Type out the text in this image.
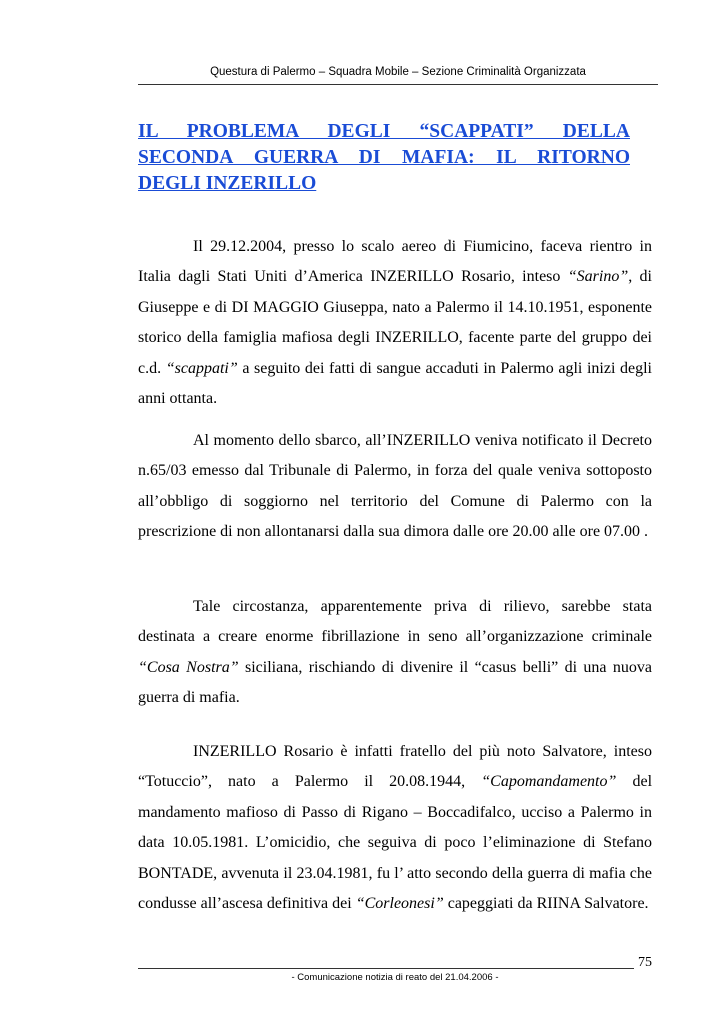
Questura di Palermo – Squadra Mobile – Sezione Criminalità Organizzata
IL PROBLEMA DEGLI “SCAPPATI” DELLA
SECONDA GUERRA DI MAFIA: IL RITORNO
DEGLI INZERILLO
Il 29.12.2004, presso lo scalo aereo di Fiumicino, faceva rientro in Italia dagli Stati Uniti d’America INZERILLO Rosario, inteso “Sarino”, di Giuseppe e di DI MAGGIO Giuseppa, nato a Palermo il 14.10.1951, esponente storico della famiglia mafiosa degli INZERILLO, facente parte del gruppo dei c.d. “scappati” a seguito dei fatti di sangue accaduti in Palermo agli inizi degli anni ottanta.
Al momento dello sbarco, all’INZERILLO veniva notificato il Decreto n.65/03 emesso dal Tribunale di Palermo, in forza del quale veniva sottoposto all’obbligo di soggiorno nel territorio del Comune di Palermo con la prescrizione di non allontanarsi dalla sua dimora dalle ore 20.00 alle ore 07.00 .
Tale circostanza, apparentemente priva di rilievo, sarebbe stata destinata a creare enorme fibrillazione in seno all’organizzazione criminale “Cosa Nostra” siciliana, rischiando di divenire il “casus belli” di una nuova guerra di mafia.
INZERILLO Rosario è infatti fratello del più noto Salvatore, inteso “Totuccio”, nato a Palermo il 20.08.1944, “Capomandamento” del mandamento mafioso di Passo di Rigano – Boccadifalco, ucciso a Palermo in data 10.05.1981. L’omicidio, che seguiva di poco l’eliminazione di Stefano BONTADE, avvenuta il 23.04.1981, fu l’ atto secondo della guerra di mafia che condusse all’ascesa definitiva dei “Corleonesi” capeggiati da RIINA Salvatore.
75
- Comunicazione notizia di reato del 21.04.2006 -
